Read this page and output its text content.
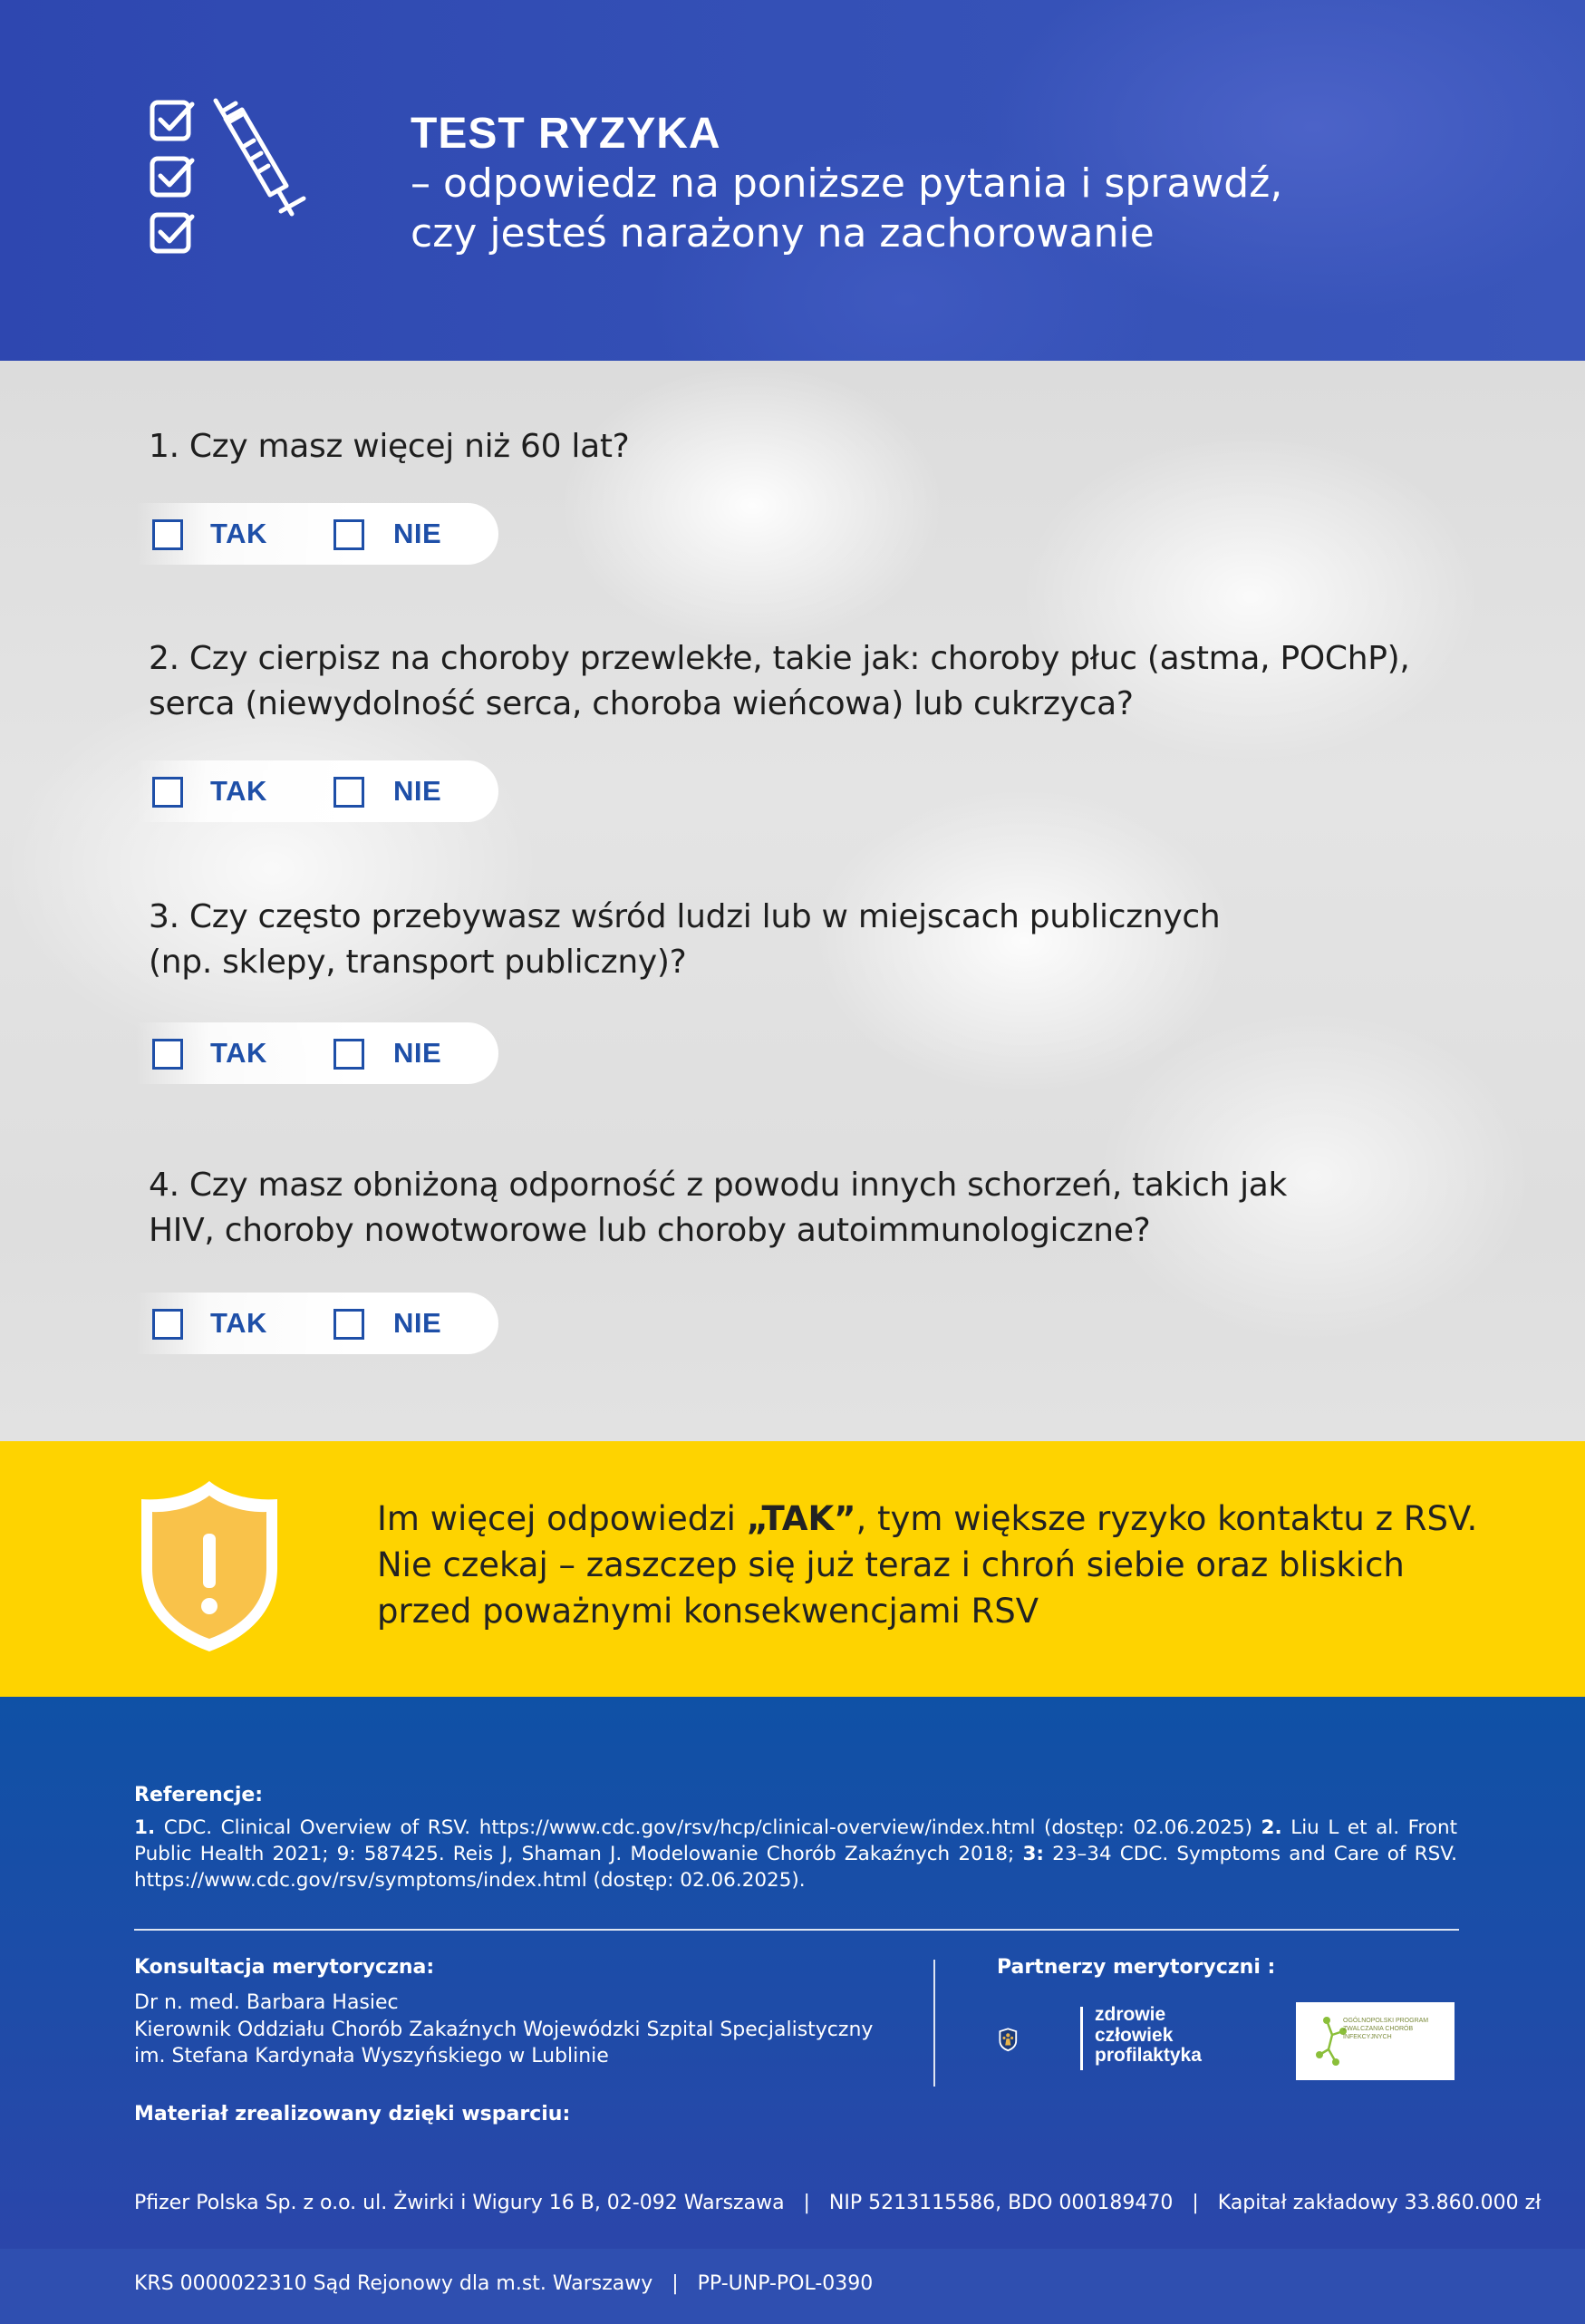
TEST RYZYKA
– odpowiedz na poniższe pytania i sprawdź,
czy jesteś narażony na zachorowanie
1. Czy masz więcej niż 60 lat?
TAK	NIE
2. Czy cierpisz na choroby przewlekłe, takie jak: choroby płuc (astma, POChP),
serca (niewydolność serca, choroba wieńcowa) lub cukrzyca?
TAK	NIE
3. Czy często przebywasz wśród ludzi lub w miejscach publicznych
(np. sklepy, transport publiczny)?
TAK	NIE
4. Czy masz obniżoną odporność z powodu innych schorzeń, takich jak
HIV, choroby nowotworowe lub choroby autoimmunologiczne?
TAK	NIE
Im więcej odpowiedzi „TAK”, tym większe ryzyko kontaktu z RSV.
Nie czekaj – zaszczep się już teraz i chroń siebie oraz bliskich
przed poważnymi konsekwencjami RSV
Referencje:
1. CDC. Clinical Overview of RSV. https://www.cdc.gov/rsv/hcp/clinical-overview/index.html (dostęp: 02.06.2025) 2. Liu L et al. Front Public Health 2021; 9: 587425. Reis J, Shaman J. Modelowanie Chorób Zakaźnych 2018; 3: 23–34 CDC. Symptoms and Care of RSV. https://www.cdc.gov/rsv/symptoms/index.html (dostęp: 02.06.2025).
Konsultacja merytoryczna:
Dr n. med. Barbara Hasiec
Kierownik Oddziału Chorób Zakaźnych Wojewódzki Szpital Specjalistyczny
im. Stefana Kardynała Wyszyńskiego w Lublinie
Partnerzy merytoryczni :
zdrowie
człowiek
profilaktyka
OGÓLNOPOLSKI PROGRAM
ZWALCZANIA CHORÓB INFEKCYJNYCH
Materiał zrealizowany dzięki wsparciu:

Pfizer Polska Sp. z o.o. ul. Żwirki i Wigury 16 B, 02-092 Warszawa   |   NIP 5213115586, BDO 000189470   |   Kapitał zakładowy 33.860.000 zł

KRS 0000022310 Sąd Rejonowy dla m.st. Warszawy   |   PP-UNP-POL-0390
